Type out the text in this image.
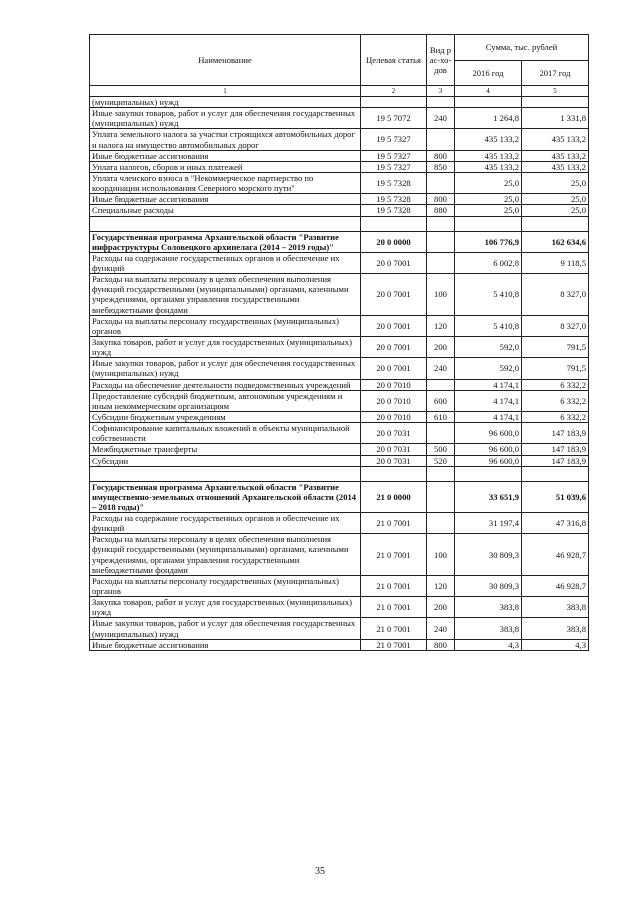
Наименование	Целевая статья	Вид рас-хо-дов	Сумма, тыс. рублей	
			2016 год	2017 год
1	2	3	4	5
(муниципальных) нужд				
Иные закупки товаров, работ и услуг для обеспечения государственных (муниципальных) нужд	19 5 7072	240	1 264,8	1 331,8
Уплата земельного налога за участки строящихся автомобильных дорог и налога на имущество автомобильных дорог	19 5 7327		435 133,2	435 133,2
Иные бюджетные ассигнования	19 5 7327	800	435 133,2	435 133,2
Уплата налогов, сборов и иных платежей	19 5 7327	850	435 133,2	435 133,2
Уплата членского взноса в "Некоммерческое партнерство по координации использования Северного морского пути"	19 5 7328		25,0	25,0
Иные бюджетные ассигнования	19 5 7328	800	25,0	25,0
Специальные расходы	19 5 7328	880	25,0	25,0

Государственная программа Архангельской области "Развитие инфраструктуры Соловецкого архипелага (2014 – 2019 годы)"	20 0 0000		106 776,9	162 634,6
Расходы на содержание государственных органов и обеспечение их функций	20 0 7001		6 002,8	9 118,5
Расходы на выплаты персоналу в целях обеспечения выполнения функций государственными (муниципальными) органами, казенными учреждениями, органами управления государственными внебюджетными фондами	20 0 7001	100	5 410,8	8 327,0
Расходы на выплаты персоналу государственных (муниципальных) органов	20 0 7001	120	5 410,8	8 327,0
Закупка товаров, работ и услуг для государственных (муниципальных) нужд	20 0 7001	200	592,0	791,5
Иные закупки товаров, работ и услуг для обеспечения государственных (муниципальных) нужд	20 0 7001	240	592,0	791,5
Расходы на обеспечение деятельности подведомственных учреждений	20 0 7010		4 174,1	6 332,2
Предоставление субсидий бюджетным, автономным учреждениям и иным некоммерческим организациям	20 0 7010	600	4 174,1	6 332,2
Субсидии бюджетным учреждениям	20 0 7010	610	4 174,1	6 332,2
Софинансирование капитальных вложений в объекты муниципальной собственности	20 0 7031		96 600,0	147 183,9
Межбюджетные трансферты	20 0 7031	500	96 600,0	147 183,9
Субсидии	20 0 7031	520	96 600,0	147 183,9

Государственная программа Архангельской области "Развитие имущественно-земельных отношений Архангельской области (2014 – 2018 годы)"	21 0 0000		33 651,9	51 039,6
Расходы на содержание государственных органов и обеспечение их функций	21 0 7001		31 197,4	47 316,8
Расходы на выплаты персоналу в целях обеспечения выполнения функций государственными (муниципальными) органами, казенными учреждениями, органами управления государственными внебюджетными фондами	21 0 7001	100	30 809,3	46 928,7
Расходы на выплаты персоналу государственных (муниципальных) органов	21 0 7001	120	30 809,3	46 928,7
Закупка товаров, работ и услуг для государственных (муниципальных) нужд	21 0 7001	200	383,8	383,8
Иные закупки товаров, работ и услуг для обеспечения государственных (муниципальных) нужд	21 0 7001	240	383,8	383,8
Иные бюджетные ассигнования	21 0 7001	800	4,3	4,3
35
